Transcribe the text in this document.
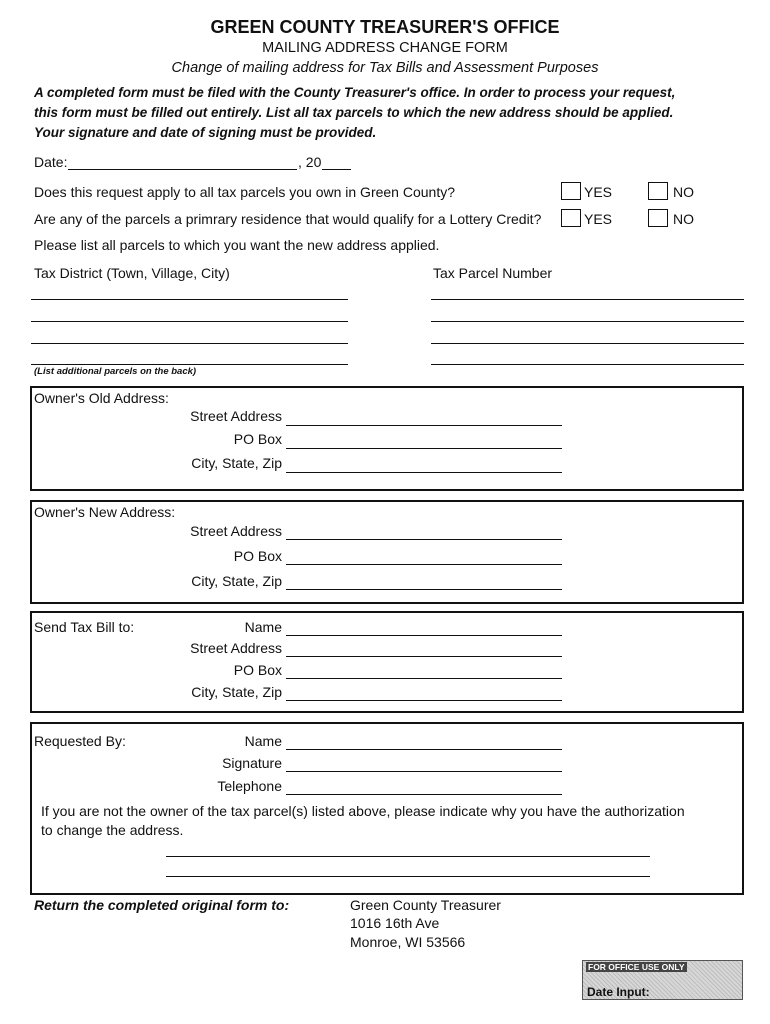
GREEN COUNTY TREASURER'S OFFICE
MAILING ADDRESS CHANGE FORM
Change of mailing address for Tax Bills and Assessment Purposes
A completed form must be filed with the County Treasurer's office. In order to process your request,
this form must be filled out entirely. List all tax parcels to which the new address should be applied.
Your signature and date of signing must be provided.
Date:	, 20
Does this request apply to all tax parcels you own in Green County?	YES	NO
Are any of the parcels a primrary residence that would qualify for a Lottery Credit?	YES	NO
Please list all parcels to which you want the new address applied.
Tax District (Town, Village, City)	Tax Parcel Number
(List additional parcels on the back)
Owner's Old Address:
Street Address
PO Box
City, State, Zip
Owner's New Address:
Street Address
PO Box
City, State, Zip
Send Tax Bill to:	Name
Street Address
PO Box
City, State, Zip
Requested By:	Name
Signature
Telephone
If you are not the owner of the tax parcel(s) listed above, please indicate why you have the authorization
to change the address.
Return the completed original form to:	Green County Treasurer
1016 16th Ave
Monroe, WI 53566
FOR OFFICE USE ONLY
Date Input:
